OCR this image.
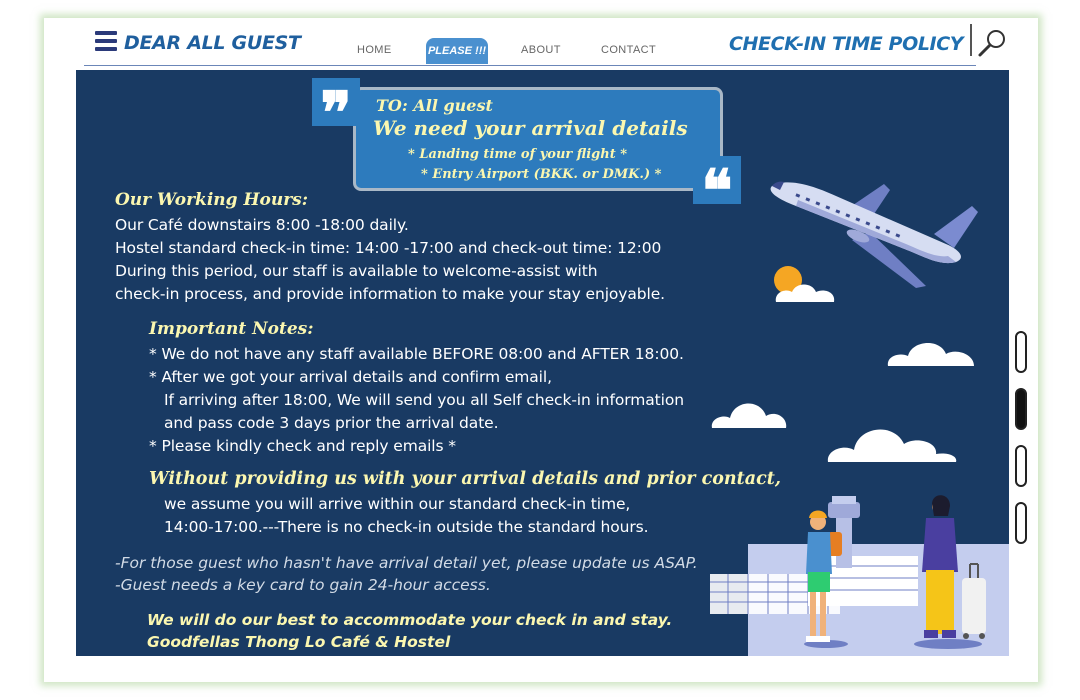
DEAR ALL GUEST	HOME	PLEASE !!!	ABOUT	CONTACT	CHECK-IN TIME POLICY
❞
❝

TO: All guest

We need your arrival details

* Landing time of your flight *

* Entry Airport (BKK. or DMK.) *

Our Working Hours:

Our Café downstairs 8:00 -18:00 daily.

Hostel standard check-in time: 14:00 -17:00 and check-out time: 12:00

During this period, our staff is available to welcome-assist with

check-in process, and provide information to make your stay enjoyable.

Important Notes:

* We do not have any staff available BEFORE 08:00 and AFTER 18:00.

* After we got your arrival details and confirm email,

If arriving after 18:00, We will send you all Self check-in information

and pass code 3 days prior the arrival date.

* Please kindly check and reply emails *

Without providing us with your arrival details and prior contact,

we assume you will arrive within our standard check-in time,

14:00-17:00.---There is no check-in outside the standard hours.

-For those guest who hasn't have arrival detail yet, please update us ASAP.

-Guest needs a key card to gain 24-hour access.

We will do our best to accommodate your check in and stay.

Goodfellas Thong Lo Café & Hostel
